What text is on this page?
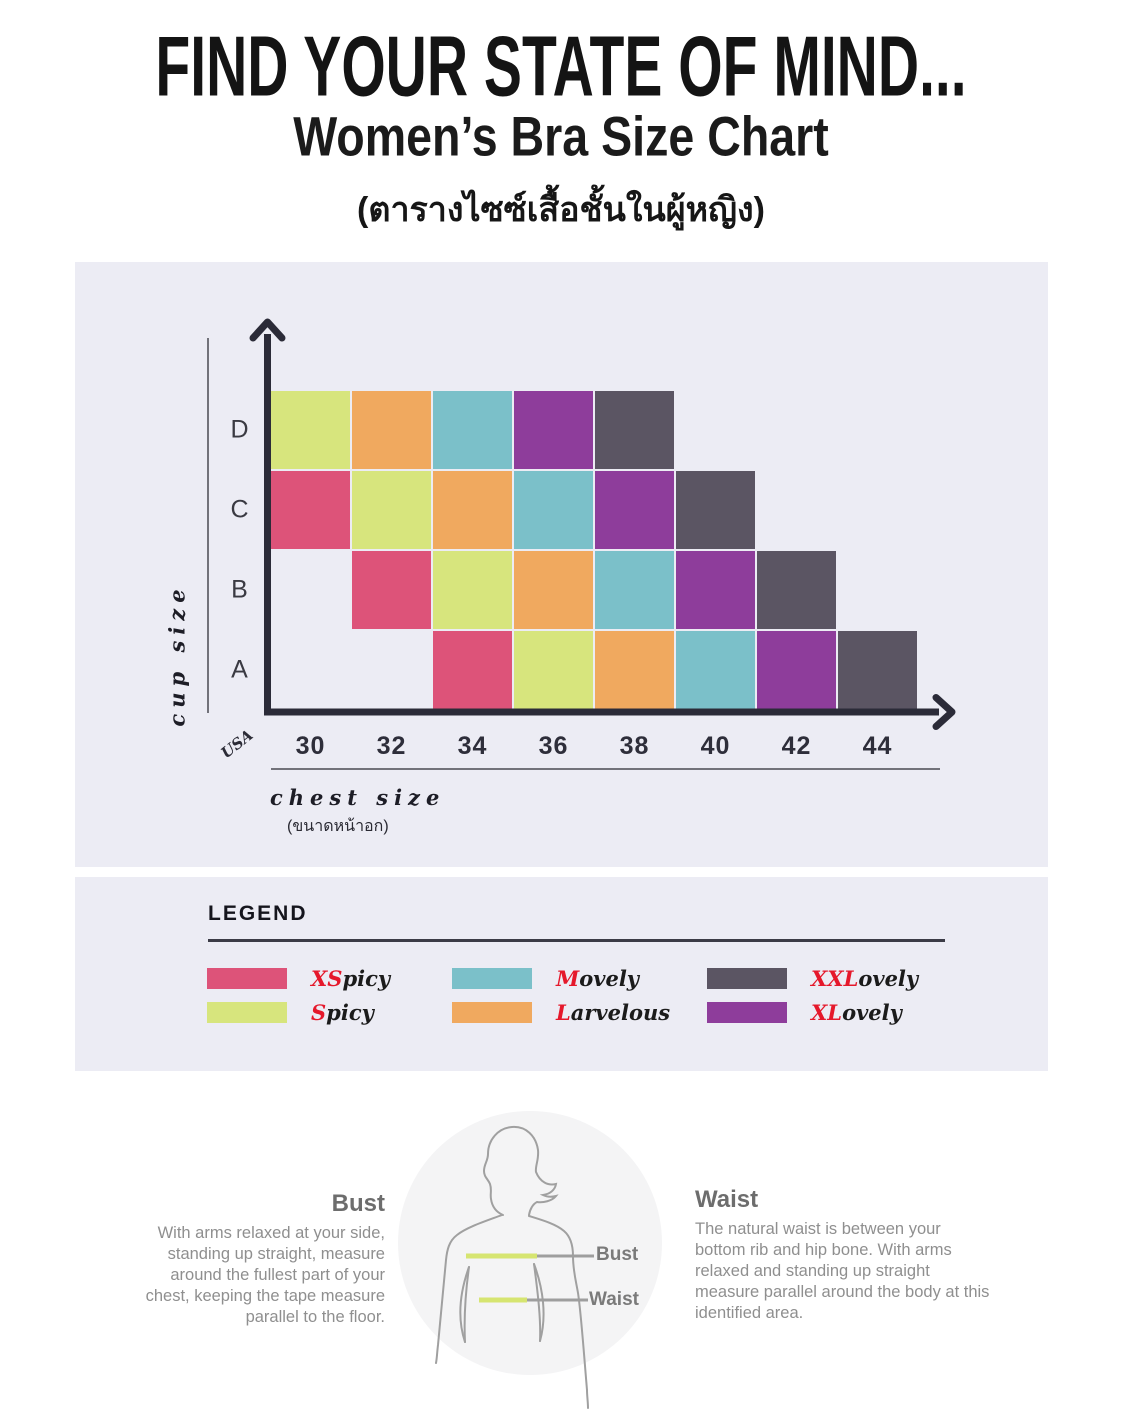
FIND YOUR STATE OF MIND...
Women’s Bra Size Chart
(ตารางไซซ์เสื้อชั้นในผู้หญิง)
D
C
B
A
30 32 34 36 38 40 42 44
USA
chest size
(ขนาดหน้าอก)
cup size
LEGEND
XSpicy
Spicy
Movely
Larvelous
XXLovely
XLovely
Bust
With arms relaxed at your side, standing up straight, measure around the fullest part of your chest, keeping the tape measure parallel to the floor.
Waist
The natural waist is between your bottom rib and hip bone. With arms relaxed and standing up straight measure parallel around the body at this identified area.
Bust
Waist
